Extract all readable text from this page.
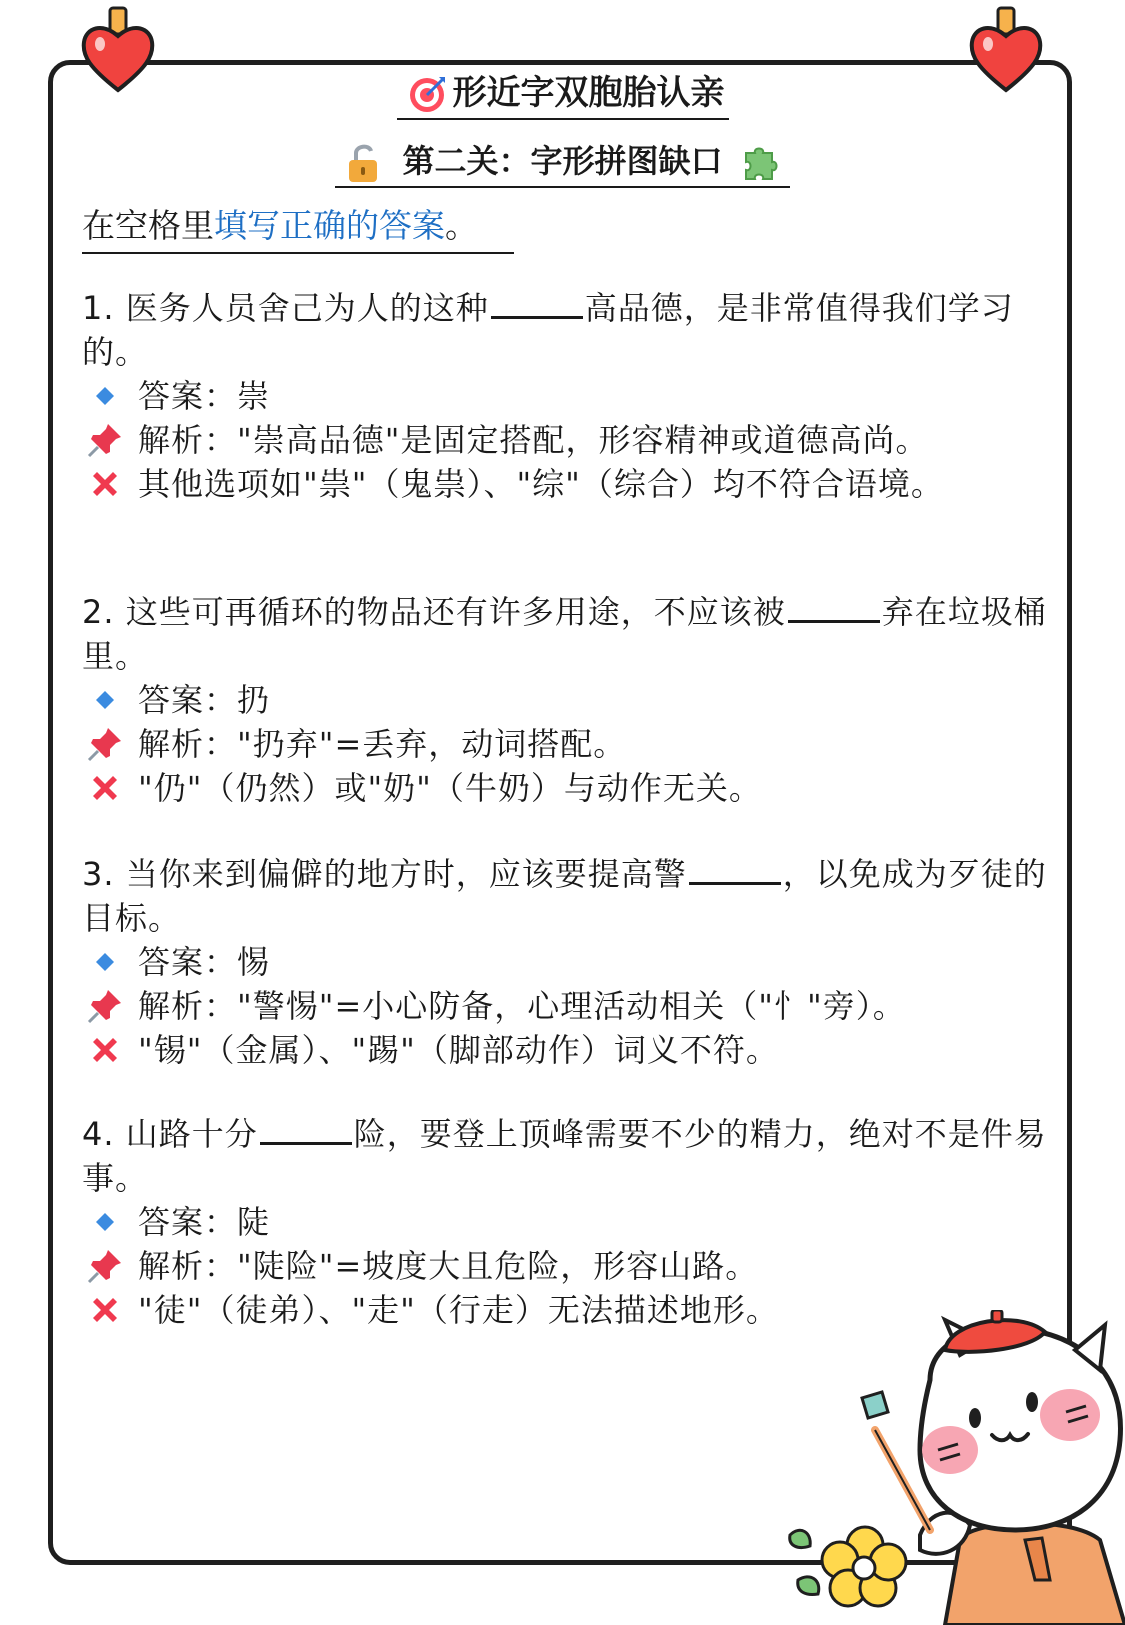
形近字双胞胎认亲
第二关：字形拼图缺口
在空格里填写正确的答案。
1. 医务人员舍己为人的这种	高品德，是非常值得我们学习的。
答案：崇
解析："崇高品德"是固定搭配，形容精神或道德高尚。
其他选项如"祟"（鬼祟）、"综"（综合）均不符合语境。
2. 这些可再循环的物品还有许多用途，不应该被	弃在垃圾桶里。
答案：扔
解析："扔弃"=丢弃，动词搭配。
"仍"（仍然）或"奶"（牛奶）与动作无关。
3. 当你来到偏僻的地方时，应该要提高警	，以免成为歹徒的目标。
答案：惕
解析："警惕"=小心防备，心理活动相关（"忄"旁）。
"锡"（金属）、"踢"（脚部动作）词义不符。
4. 山路十分	险，要登上顶峰需要不少的精力，绝对不是件易事。
答案：陡
解析："陡险"=坡度大且危险，形容山路。
"徒"（徒弟）、"走"（行走）无法描述地形。
